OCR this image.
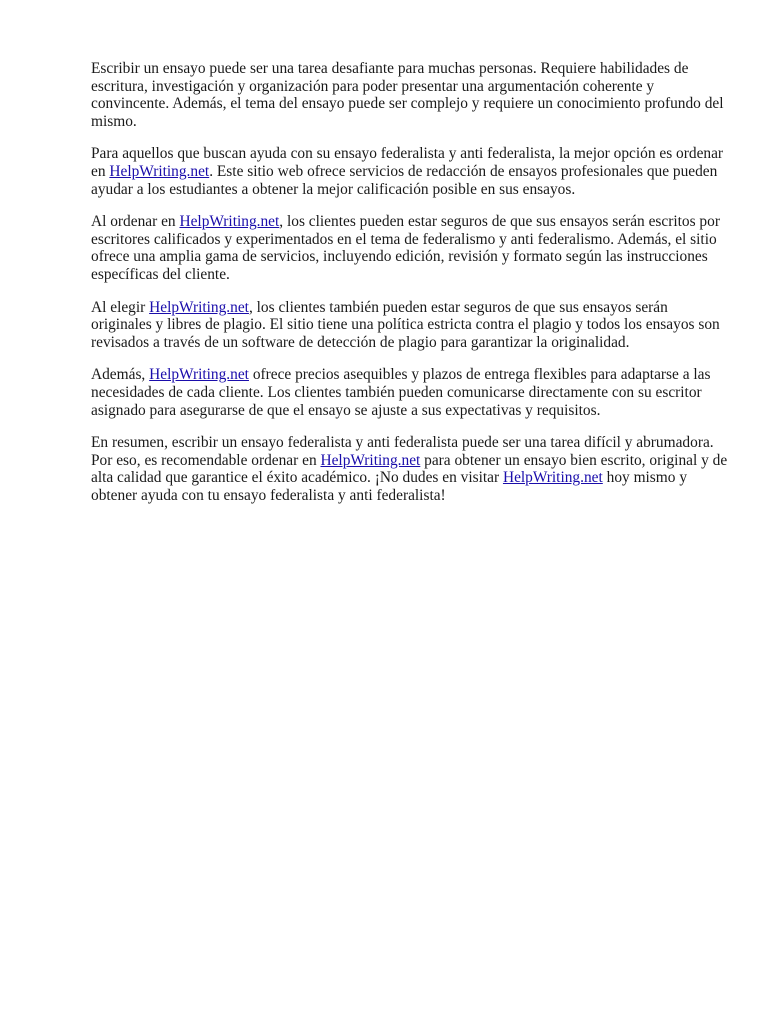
Escribir un ensayo puede ser una tarea desafiante para muchas personas. Requiere habilidades de escritura, investigación y organización para poder presentar una argumentación coherente y convincente. Además, el tema del ensayo puede ser complejo y requiere un conocimiento profundo del mismo.

Para aquellos que buscan ayuda con su ensayo federalista y anti federalista, la mejor opción es ordenar en HelpWriting.net. Este sitio web ofrece servicios de redacción de ensayos profesionales que pueden ayudar a los estudiantes a obtener la mejor calificación posible en sus ensayos.

Al ordenar en HelpWriting.net, los clientes pueden estar seguros de que sus ensayos serán escritos por escritores calificados y experimentados en el tema de federalismo y anti federalismo. Además, el sitio ofrece una amplia gama de servicios, incluyendo edición, revisión y formato según las instrucciones específicas del cliente.

Al elegir HelpWriting.net, los clientes también pueden estar seguros de que sus ensayos serán originales y libres de plagio. El sitio tiene una política estricta contra el plagio y todos los ensayos son revisados a través de un software de detección de plagio para garantizar la originalidad.

Además, HelpWriting.net ofrece precios asequibles y plazos de entrega flexibles para adaptarse a las necesidades de cada cliente. Los clientes también pueden comunicarse directamente con su escritor asignado para asegurarse de que el ensayo se ajuste a sus expectativas y requisitos.

En resumen, escribir un ensayo federalista y anti federalista puede ser una tarea difícil y abrumadora. Por eso, es recomendable ordenar en HelpWriting.net para obtener un ensayo bien escrito, original y de alta calidad que garantice el éxito académico. ¡No dudes en visitar HelpWriting.net hoy mismo y obtener ayuda con tu ensayo federalista y anti federalista!
